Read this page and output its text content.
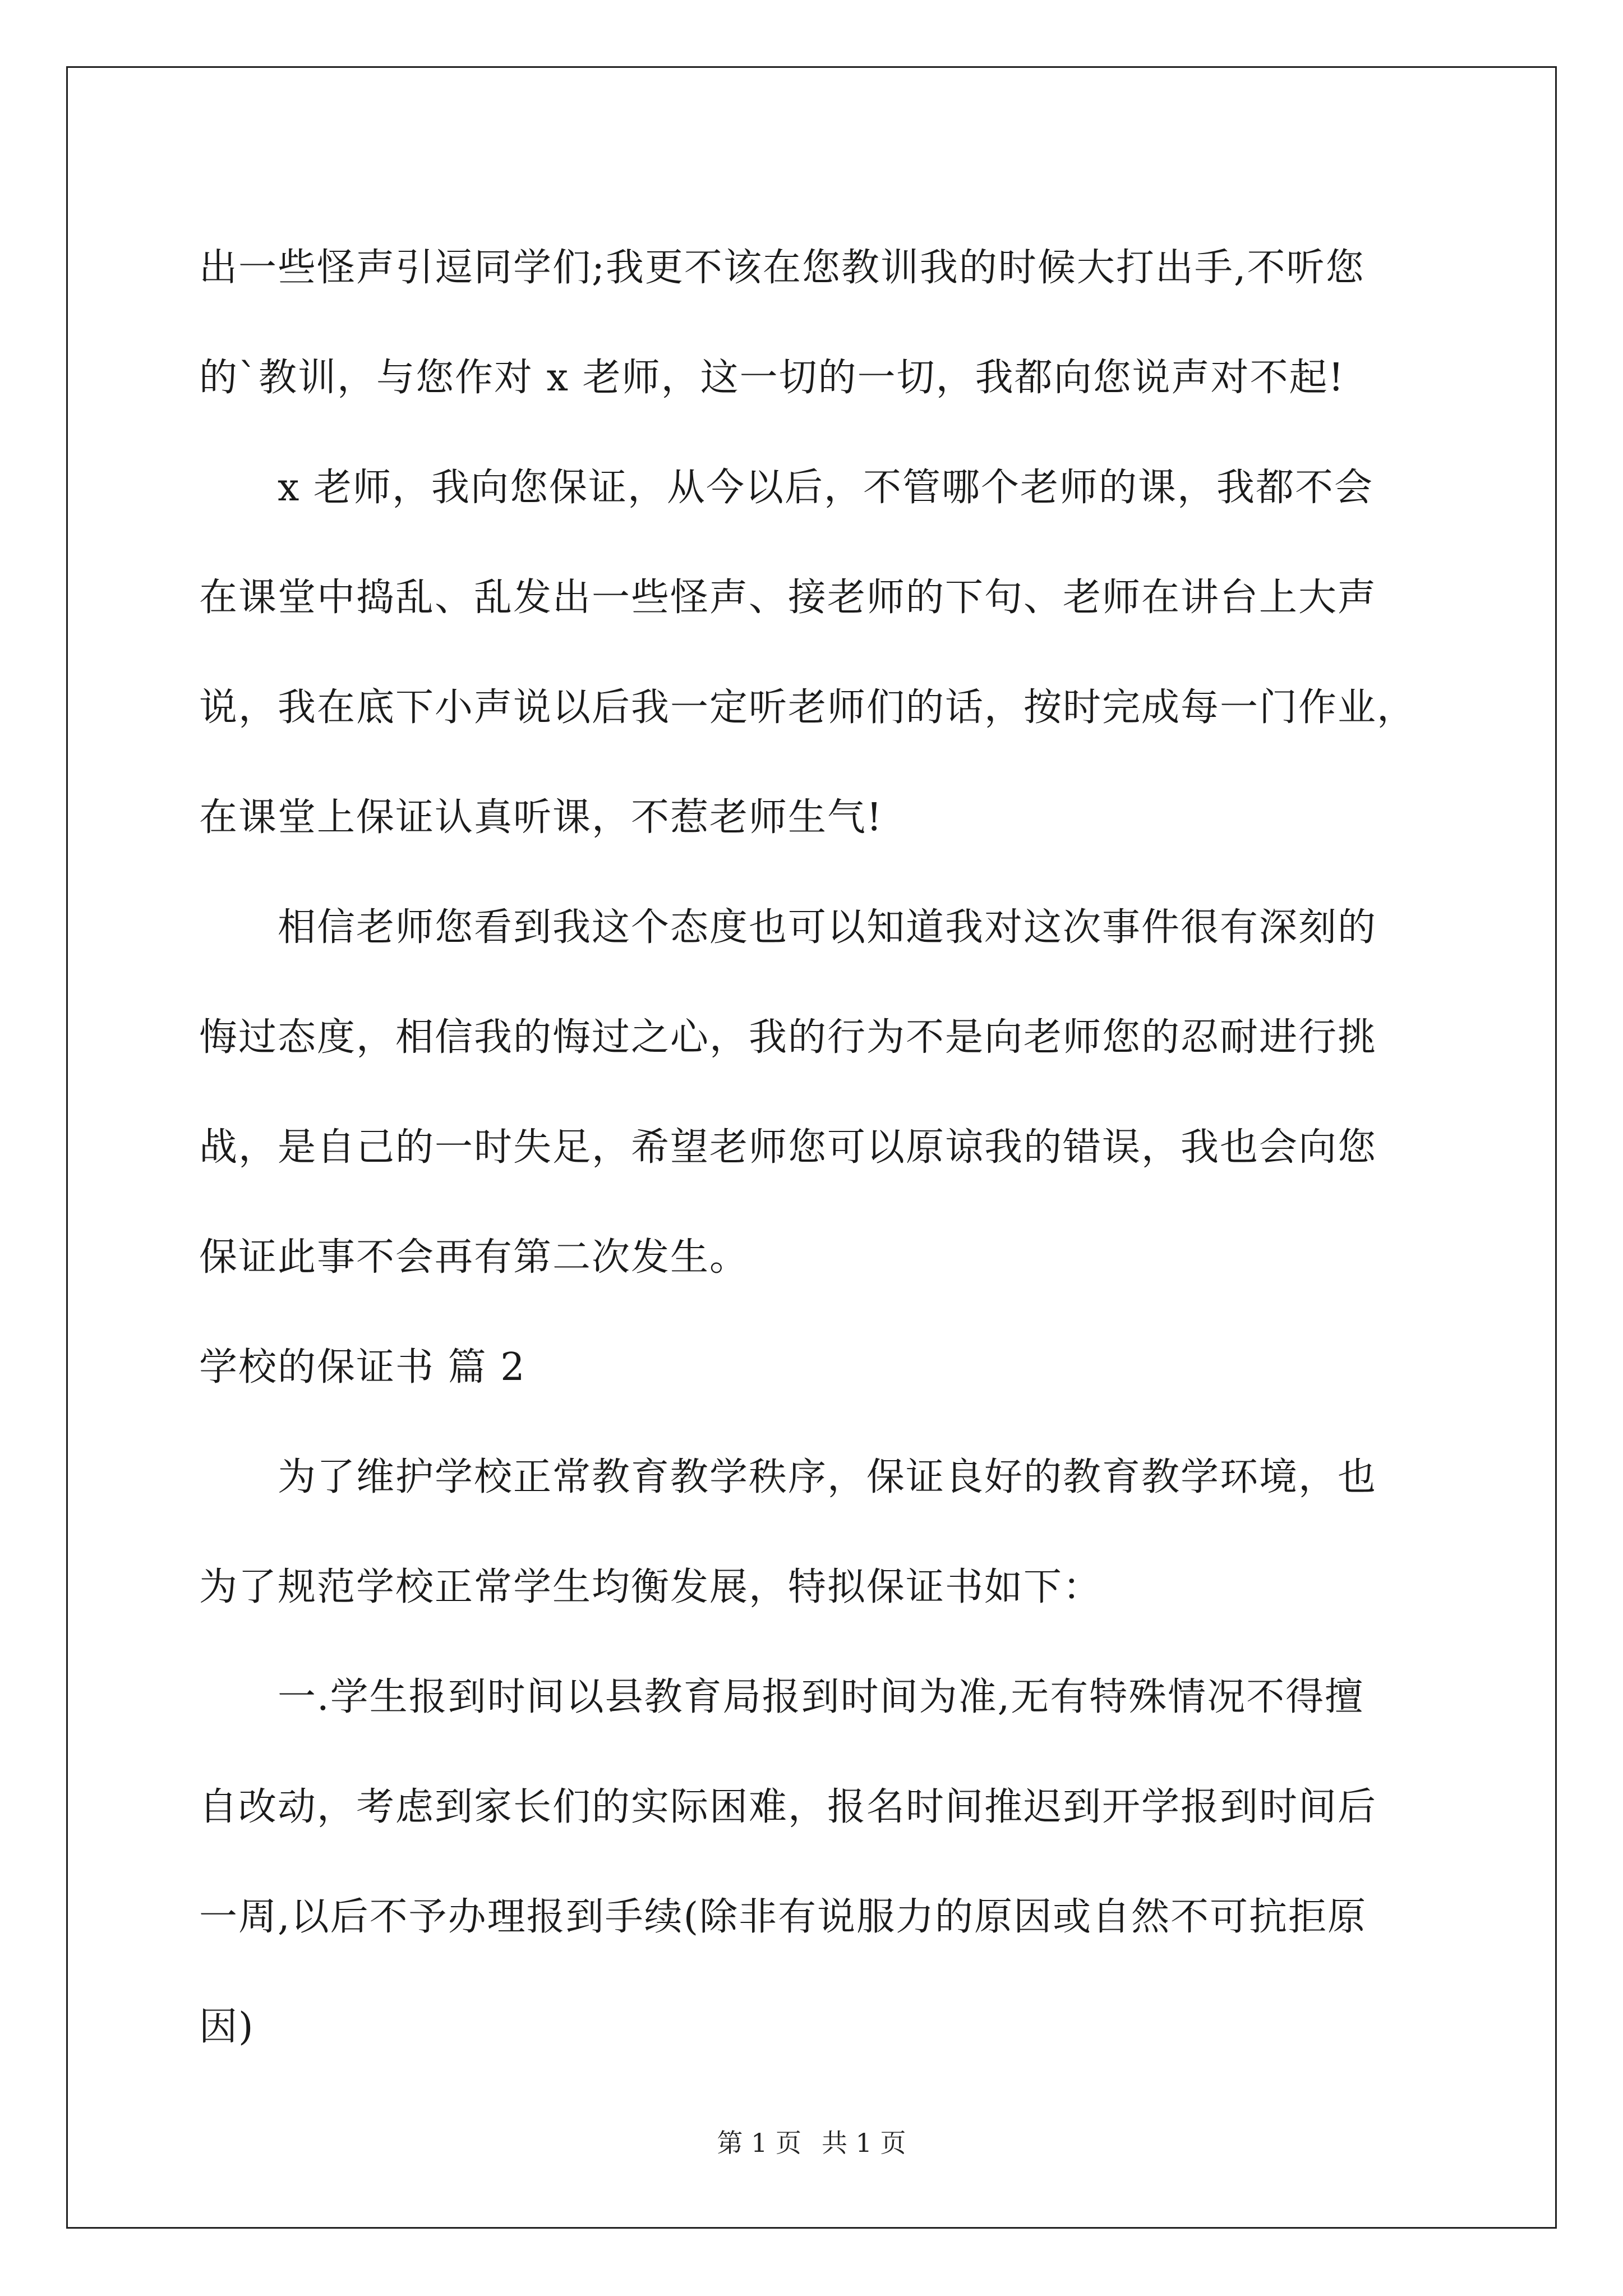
出一些怪声引逗同学们;我更不该在您教训我的时候大打出手,不听您
的`教训，与您作对 x 老师，这一切的一切，我都向您说声对不起!
x 老师，我向您保证，从今以后，不管哪个老师的课，我都不会
在课堂中捣乱、乱发出一些怪声、接老师的下句、老师在讲台上大声
说，我在底下小声说以后我一定听老师们的话，按时完成每一门作业，
在课堂上保证认真听课，不惹老师生气!
相信老师您看到我这个态度也可以知道我对这次事件很有深刻的
悔过态度，相信我的悔过之心，我的行为不是向老师您的忍耐进行挑
战，是自己的一时失足，希望老师您可以原谅我的错误，我也会向您
保证此事不会再有第二次发生。
学校的保证书 篇 2
为了维护学校正常教育教学秩序，保证良好的教育教学环境，也
为了规范学校正常学生均衡发展，特拟保证书如下：
一.学生报到时间以县教育局报到时间为准,无有特殊情况不得擅
自改动，考虑到家长们的实际困难，报名时间推迟到开学报到时间后
一周,以后不予办理报到手续(除非有说服力的原因或自然不可抗拒原
因)
第 1 页 共 1 页
